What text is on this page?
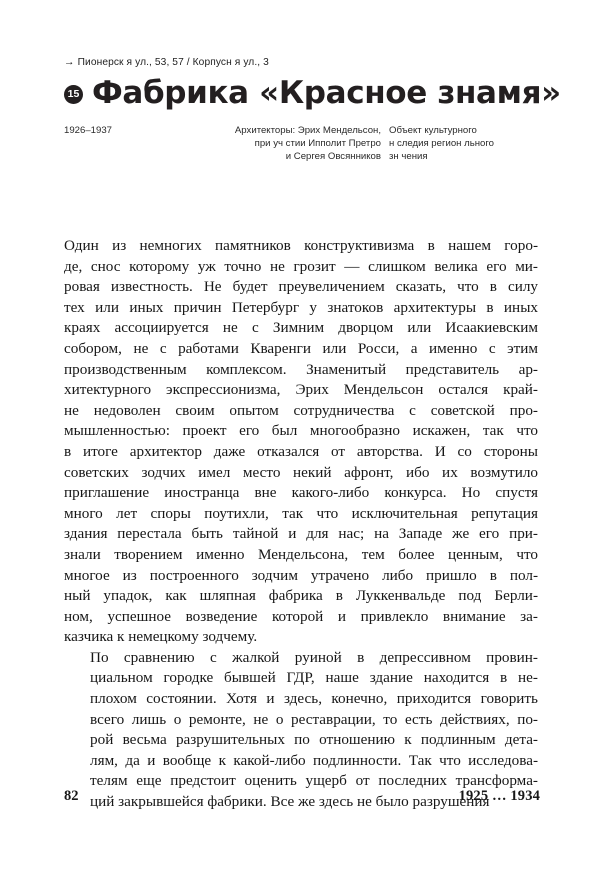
→ Пионерск я ул., 53, 57 / Корпусн я ул., 3
15 Фабрика «Красное знамя»
1926–1937	Архитекторы: Эрих Мендельсон,
при уч стии Ипполит Претро
и Сергея Овсянников
Объект культурного
н следия регион льного
зн чения

Один из немногих памятников конструктивизма в нашем горо-
де, снос которому уж точно не грозит — слишком велика его ми-
ровая известность. Не будет преувеличением сказать, что в силу
тех или иных причин Петербург у знатоков архитектуры в иных
краях ассоциируется не с Зимним дворцом или Исаакиевским
собором, не с работами Кваренги или Росси, а именно с этим
производственным комплексом. Знаменитый представитель ар-
хитектурного экспрессионизма, Эрих Мендельсон остался край-
не недоволен своим опытом сотрудничества с советской про-
мышленностью: проект его был многообразно искажен, так что
в итоге архитектор даже отказался от авторства. И со стороны
советских зодчих имел место некий афронт, ибо их возмутило
приглашение иностранца вне какого-либо конкурса. Но спустя
много лет споры поутихли, так что исключительная репутация
здания перестала быть тайной и для нас; на Западе же его при-
знали творением именно Мендельсона, тем более ценным, что
многое из построенного зодчим утрачено либо пришло в пол-
ный упадок, как шляпная фабрика в Луккенвальде под Берли-
ном, успешное возведение которой и привлекло внимание за-
казчика к немецкому зодчему.

По сравнению с жалкой руиной в депрессивном провин-
циальном городке бывшей ГДР, наше здание находится в не-
плохом состоянии. Хотя и здесь, конечно, приходится говорить
всего лишь о ремонте, не о реставрации, то есть действиях, по-
рой весьма разрушительных по отношению к подлинным дета-
лям, да и вообще к какой-либо подлинности. Так что исследова-
телям еще предстоит оценить ущерб от последних трансформа-
ций закрывшейся фабрики. Все же здесь не было разрушения

82	1925 … 1934
